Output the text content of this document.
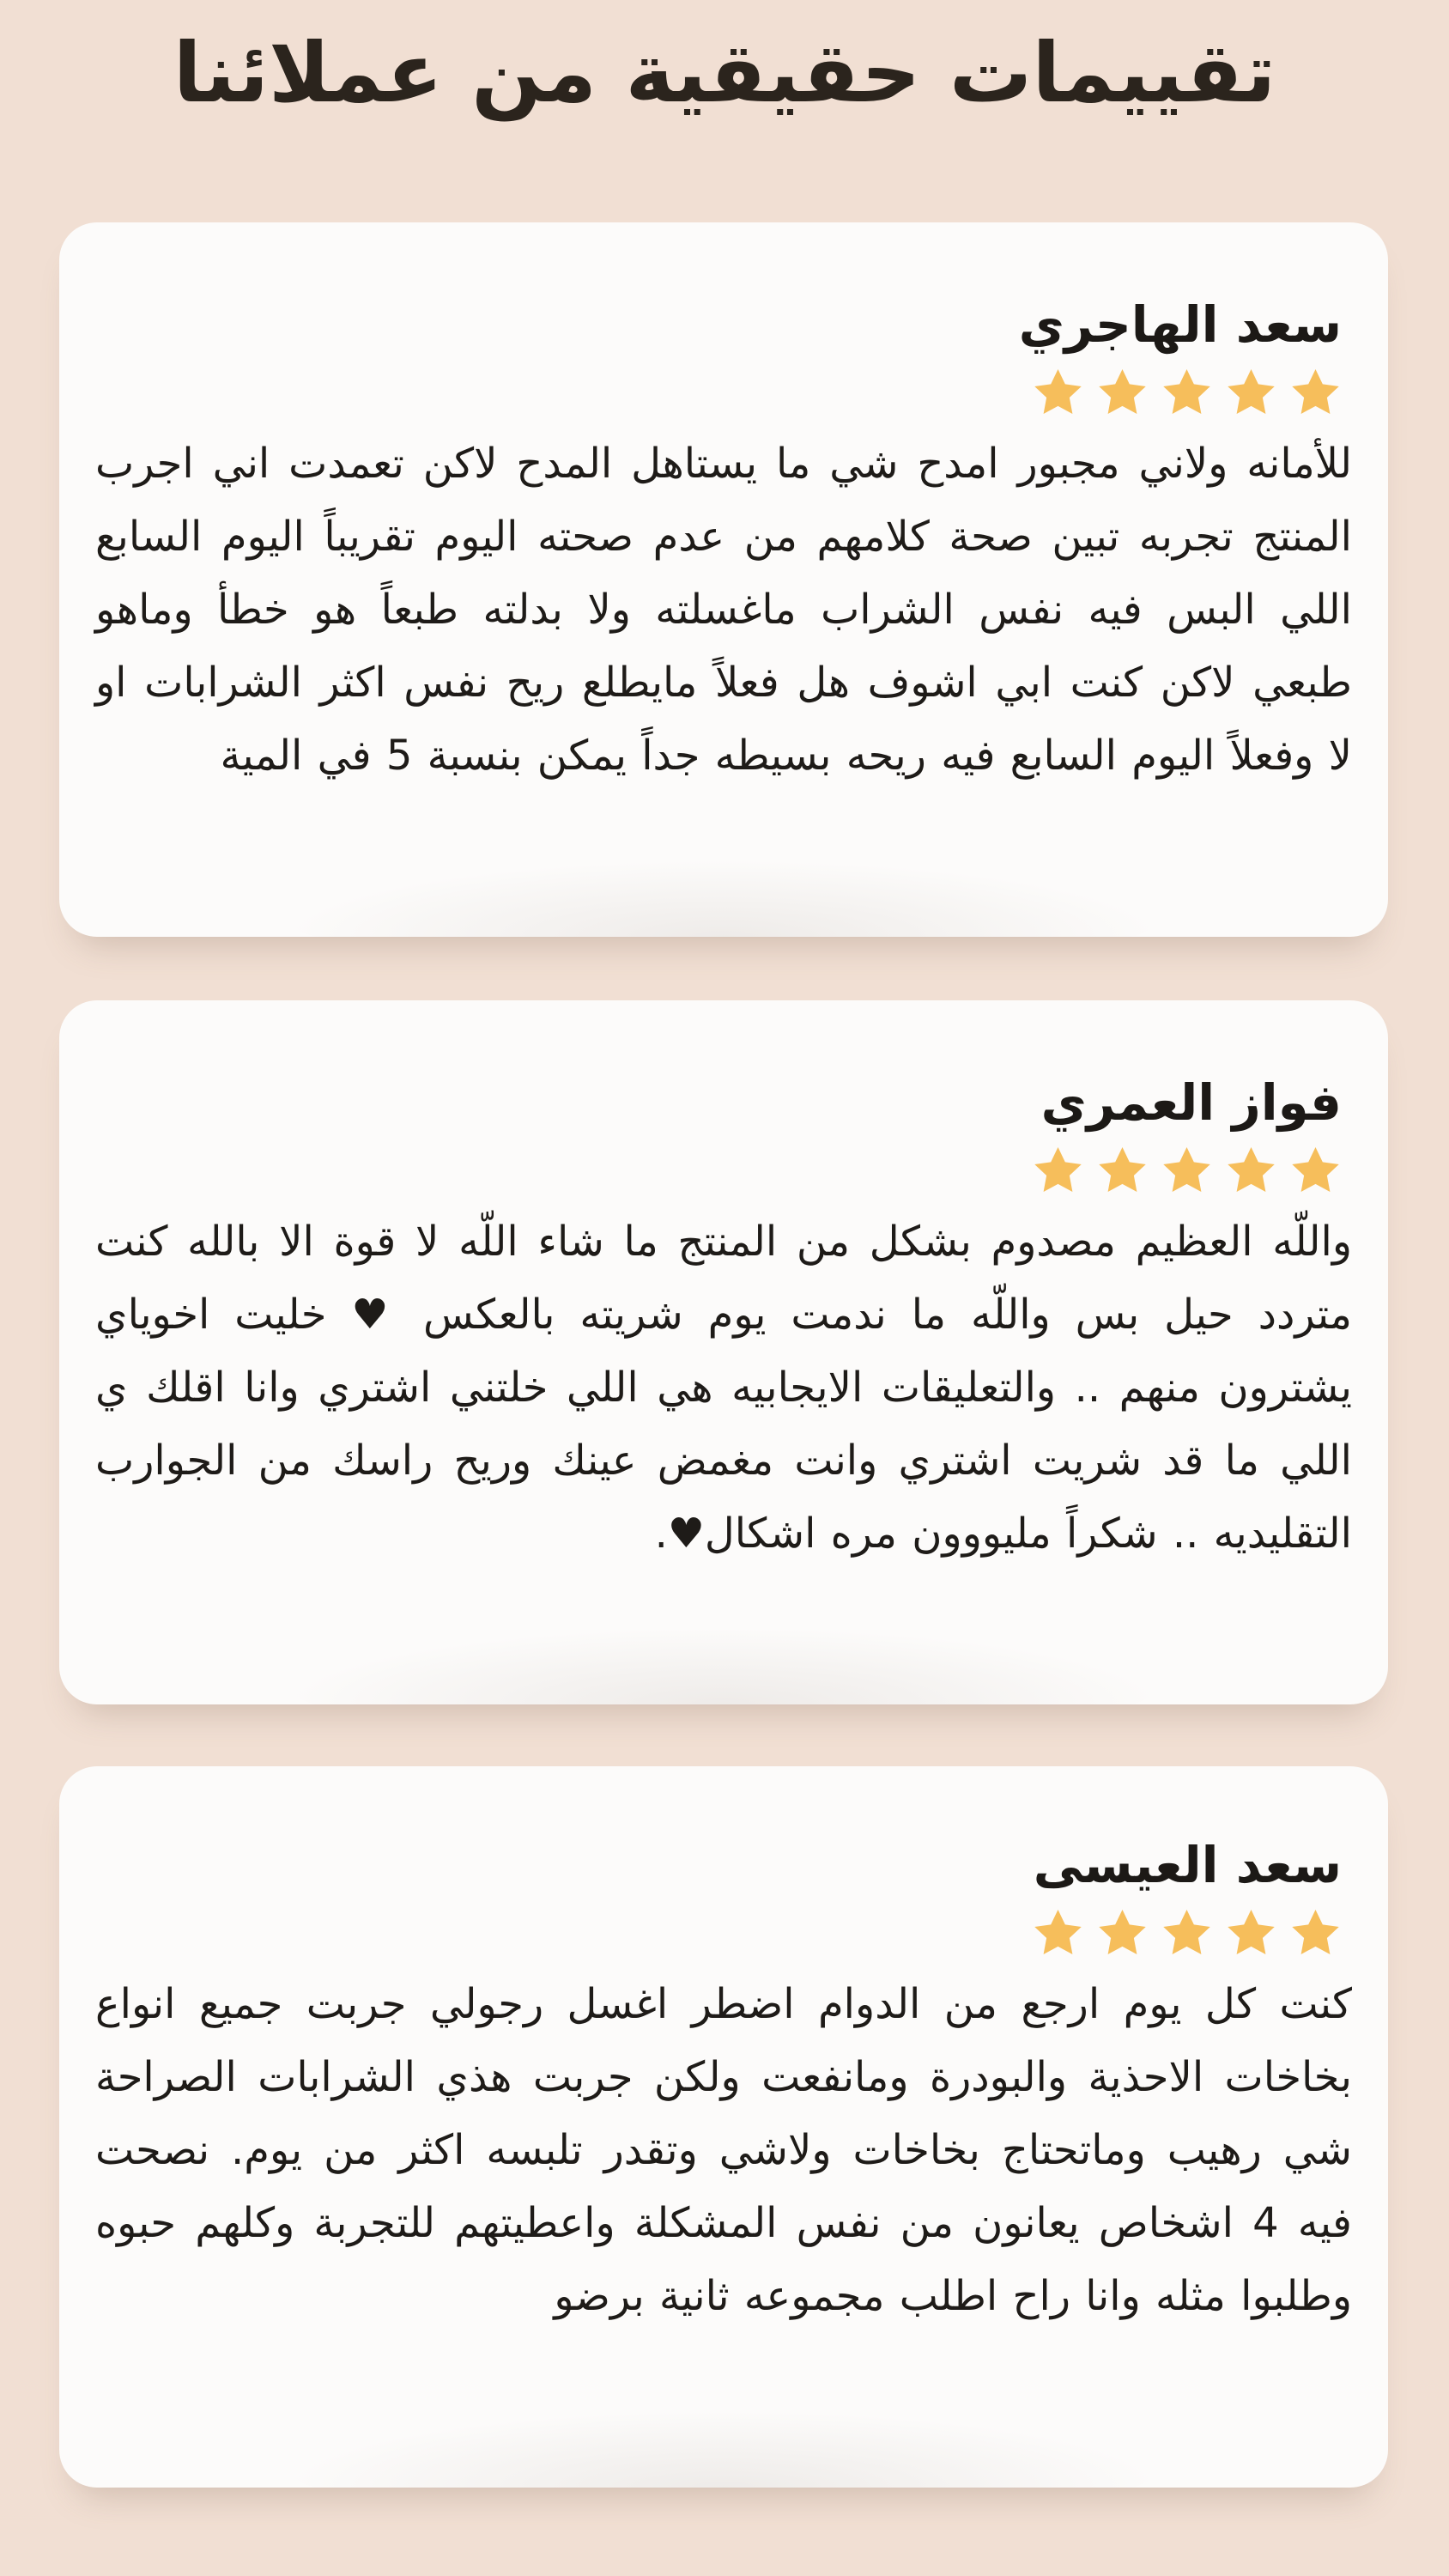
تقييمات حقيقية من عملائنا
سعد الهاجري

للأمانه ولاني مجبور امدح شي ما يستاهل المدح لاكن تعمدت اني اجرب المنتج تجربه تبين صحة كلامهم من عدم صحته اليوم تقريباً اليوم السابع اللي البس فيه نفس الشراب ماغسلته ولا بدلته طبعاً هو خطأ وماهو طبعي لاكن كنت ابي اشوف هل فعلاً مايطلع ريح نفس اكثر الشرابات او لا وفعلاً اليوم السابع فيه ريحه بسيطه جداً يمكن بنسبة 5 في المية

فواز العمري

واللّه العظيم مصدوم بشكل من المنتج ما شاء اللّه لا قوة الا بالله كنت متردد حيل بس واللّه ما ندمت يوم شريته بالعكس ♥ خليت اخوياي يشترون منهم .. والتعليقات الايجابيه هي اللي خلتني اشتري وانا اقلك ي اللي ما قد شريت اشتري وانت مغمض عينك وريح راسك من الجوارب التقليديه .. شكراً مليووون مره اشكال♥.

سعد العيسى

كنت كل يوم ارجع من الدوام اضطر اغسل رجولي جربت جميع انواع بخاخات الاحذية والبودرة ومانفعت ولكن جربت هذي الشرابات الصراحة شي رهيب وماتحتاج بخاخات ولاشي وتقدر تلبسه اكثر من يوم. نصحت فيه 4 اشخاص يعانون من نفس المشكلة واعطيتهم للتجربة وكلهم حبوه وطلبوا مثله وانا راح اطلب مجموعه ثانية برضو
